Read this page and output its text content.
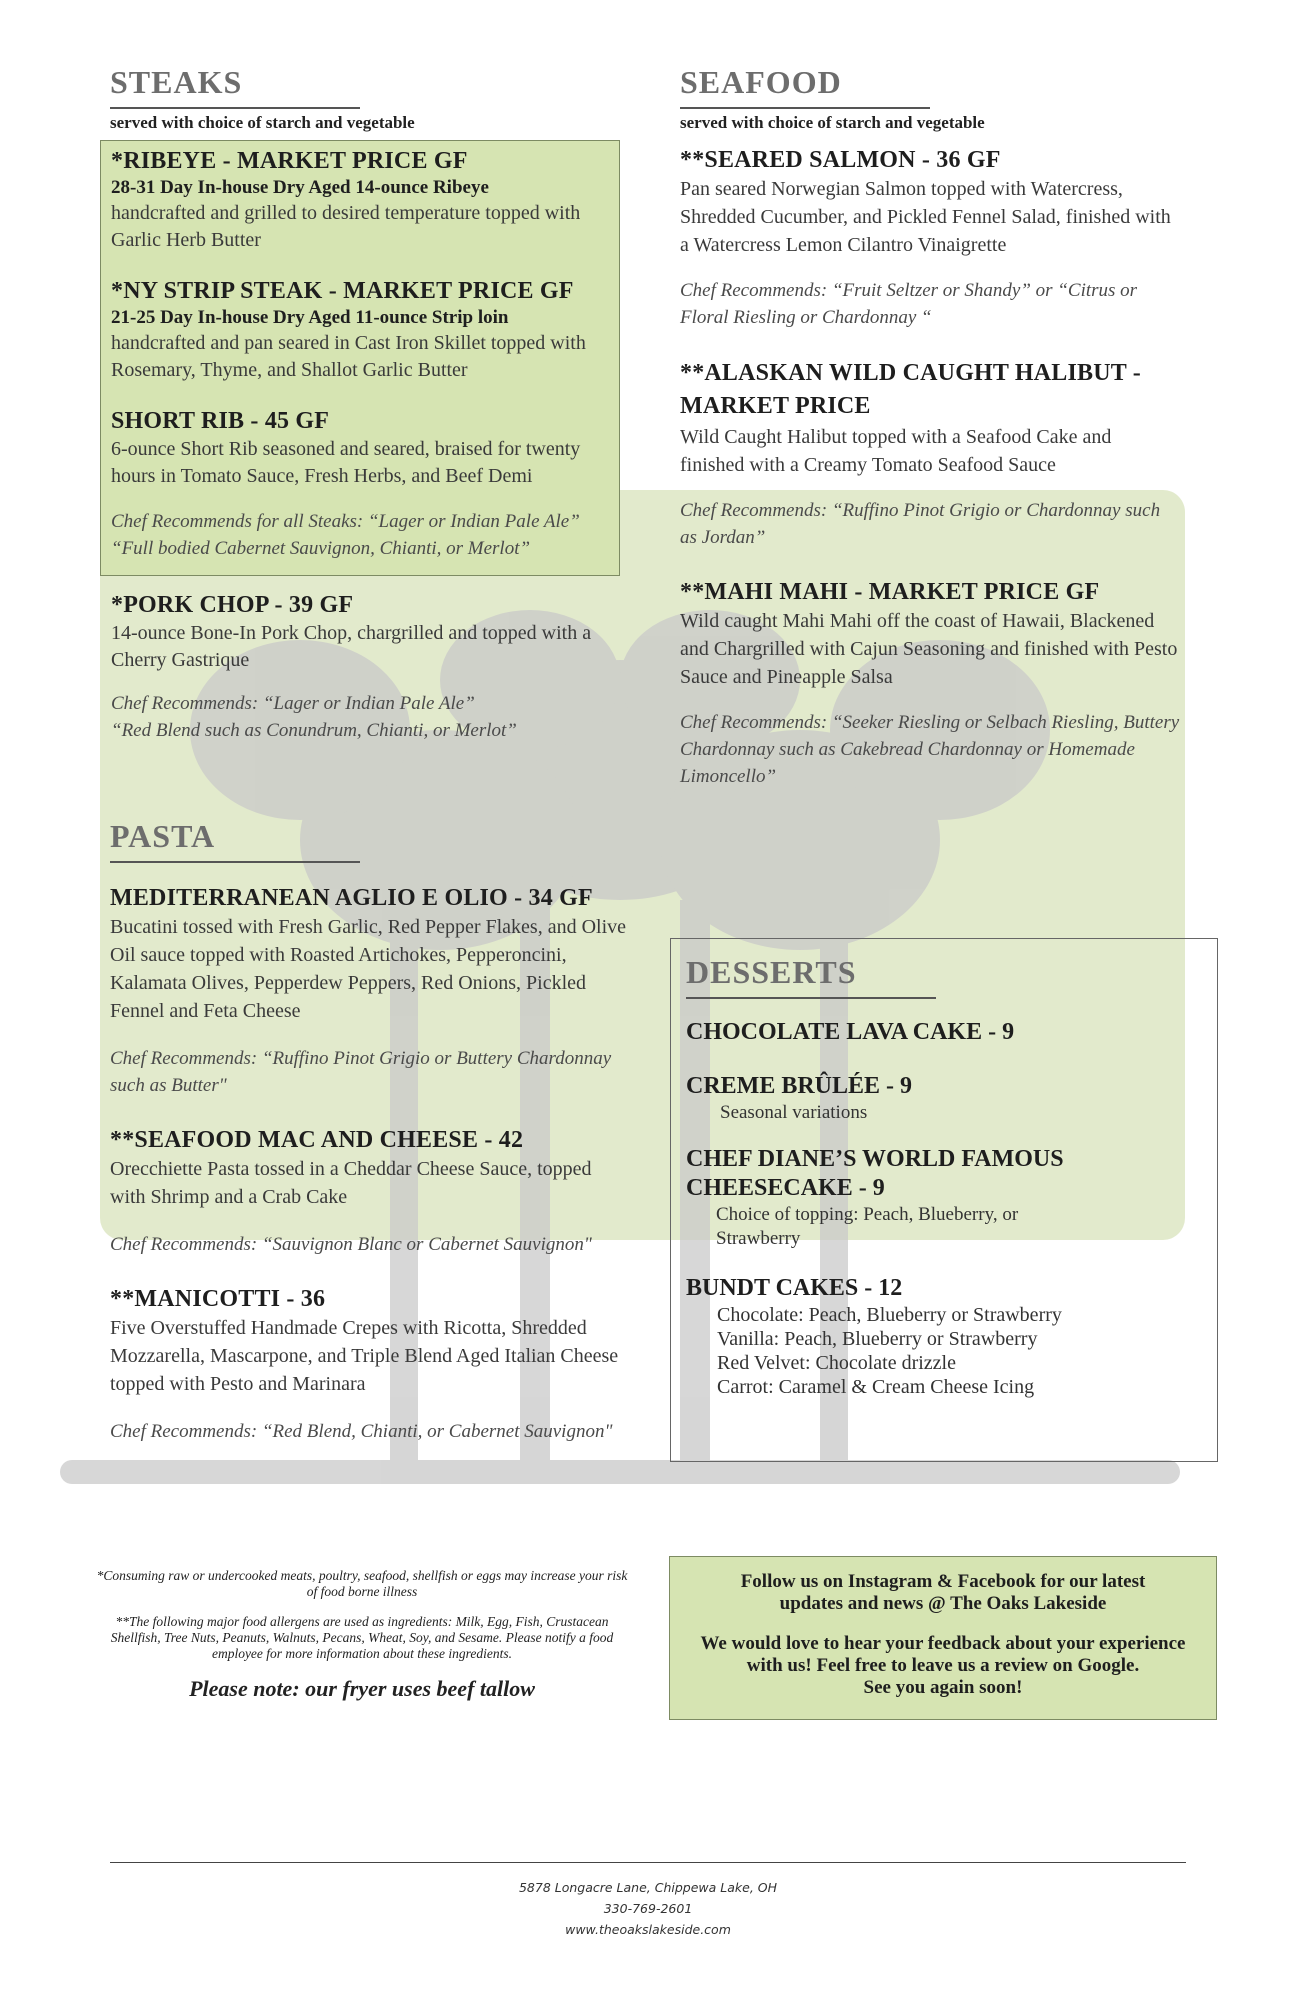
STEAKS
served with choice of starch and vegetable
*RIBEYE - MARKET PRICE GF
28-31 Day In-house Dry Aged 14-ounce Ribeye
handcrafted and grilled to desired temperature topped with Garlic Herb Butter
*NY STRIP STEAK - MARKET PRICE GF
21-25 Day In-house Dry Aged 11-ounce Strip loin
handcrafted and pan seared in Cast Iron Skillet topped with Rosemary, Thyme, and Shallot Garlic Butter
SHORT RIB - 45 GF
6-ounce Short Rib seasoned and seared, braised for twenty hours in Tomato Sauce, Fresh Herbs, and Beef Demi
Chef Recommends for all Steaks: “Lager or Indian Pale Ale”
“Full bodied Cabernet Sauvignon, Chianti, or Merlot”
*PORK CHOP - 39 GF
14-ounce Bone-In Pork Chop, chargrilled and topped with a Cherry Gastrique
Chef Recommends: “Lager or Indian Pale Ale”
“Red Blend such as Conundrum, Chianti, or Merlot”
PASTA
MEDITERRANEAN AGLIO E OLIO - 34 GF
Bucatini tossed with Fresh Garlic, Red Pepper Flakes, and Olive Oil sauce topped with Roasted Artichokes, Pepperoncini, Kalamata Olives, Pepperdew Peppers, Red Onions, Pickled Fennel and Feta Cheese
Chef Recommends: “Ruffino Pinot Grigio or Buttery Chardonnay such as Butter"
**SEAFOOD MAC AND CHEESE - 42
Orecchiette Pasta tossed in a Cheddar Cheese Sauce, topped with Shrimp and a Crab Cake
Chef Recommends: “Sauvignon Blanc or Cabernet Sauvignon"
**MANICOTTI - 36
Five Overstuffed Handmade Crepes with Ricotta, Shredded Mozzarella, Mascarpone, and Triple Blend Aged Italian Cheese topped with Pesto and Marinara
Chef Recommends: “Red Blend, Chianti, or Cabernet Sauvignon"
SEAFOOD
served with choice of starch and vegetable
**SEARED SALMON - 36 GF
Pan seared Norwegian Salmon topped with Watercress, Shredded Cucumber, and Pickled Fennel Salad, finished with a Watercress Lemon Cilantro Vinaigrette
Chef Recommends: “Fruit Seltzer or Shandy” or “Citrus or Floral Riesling or Chardonnay “
**ALASKAN WILD CAUGHT HALIBUT - MARKET PRICE
Wild Caught Halibut topped with a Seafood Cake and finished with a Creamy Tomato Seafood Sauce
Chef Recommends: “Ruffino Pinot Grigio or Chardonnay such as Jordan”
**MAHI MAHI - MARKET PRICE GF
Wild caught Mahi Mahi off the coast of Hawaii, Blackened and Chargrilled with Cajun Seasoning and finished with Pesto Sauce and Pineapple Salsa
Chef Recommends: “Seeker Riesling or Selbach Riesling, Buttery Chardonnay such as Cakebread Chardonnay or Homemade Limoncello”
DESSERTS
CHOCOLATE LAVA CAKE - 9
CREME BRÛLÉE - 9
Seasonal variations
CHEF DIANE’S WORLD FAMOUS CHEESECAKE - 9
Choice of topping: Peach, Blueberry, or Strawberry
BUNDT CAKES - 12
Chocolate: Peach, Blueberry or Strawberry
Vanilla: Peach, Blueberry or Strawberry
Red Velvet: Chocolate drizzle
Carrot: Caramel & Cream Cheese Icing
*Consuming raw or undercooked meats, poultry, seafood, shellfish or eggs may increase your risk of food borne illness
**The following major food allergens are used as ingredients: Milk, Egg, Fish, Crustacean Shellfish, Tree Nuts, Peanuts, Walnuts, Pecans, Wheat, Soy, and Sesame. Please notify a food employee for more information about these ingredients.
Please note: our fryer uses beef tallow
Follow us on Instagram & Facebook for our latest updates and news @ The Oaks Lakeside
We would love to hear your feedback about your experience with us! Feel free to leave us a review on Google.
See you again soon!
5878 Longacre Lane, Chippewa Lake, OH
330-769-2601
www.theoakslakeside.com
